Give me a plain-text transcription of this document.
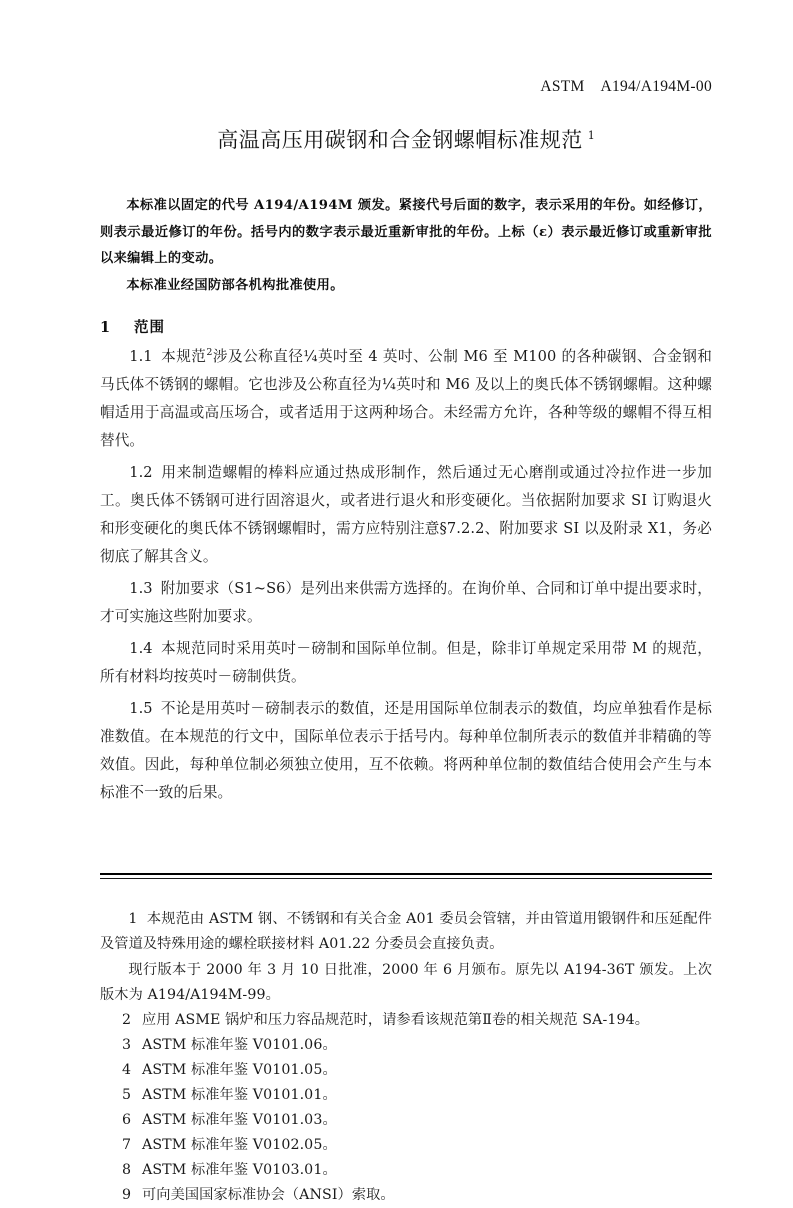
ASTM    A194/A194M-00
高温高压用碳钢和合金钢螺帽标准规范 $^1$

本标准以固定的代号 A194/A194M 颁发。紧接代号后面的数字，表示采用的年份。如经修订，则表示最近修订的年份。括号内的数字表示最近重新审批的年份。上标（ε）表示最近修订或重新审批以来编辑上的变动。

本标准业经国防部各机构批准使用。

1	范围

1.1 本规范$^2$涉及公称直径¼英吋至 4 英吋、公制 M6 至 M100 的各种碳钢、合金钢和马氏体不锈钢的螺帽。它也涉及公称直径为¼英吋和 M6 及以上的奥氏体不锈钢螺帽。这种螺帽适用于高温或高压场合，或者适用于这两种场合。未经需方允许，各种等级的螺帽不得互相替代。

1.2 用来制造螺帽的棒料应通过热成形制作，然后通过无心磨削或通过冷拉作进一步加工。奥氏体不锈钢可进行固溶退火，或者进行退火和形变硬化。当依据附加要求 SI 订购退火和形变硬化的奥氏体不锈钢螺帽时，需方应特别注意§7.2.2、附加要求 SI 以及附录 X1，务必彻底了解其含义。

1.3 附加要求（S1~S6）是列出来供需方选择的。在询价单、合同和订单中提出要求时，才可实施这些附加要求。

1.4 本规范同时采用英吋－磅制和国际单位制。但是，除非订单规定采用带 M 的规范，所有材料均按英吋－磅制供货。

1.5 不论是用英吋－磅制表示的数值，还是用国际单位制表示的数值，均应单独看作是标准数值。在本规范的行文中，国际单位表示于括号内。每种单位制所表示的数值并非精确的等效值。因此，每种单位制必须独立使用，互不依赖。将两种单位制的数值结合使用会产生与本标准不一致的后果。

1 本规范由 ASTM 钢、不锈钢和有关合金 A01 委员会管辖，并由管道用锻钢件和压延配件及管道及特殊用途的螺栓联接材料 A01.22 分委员会直接负责。

现行版本于 2000 年 3 月 10 日批准，2000 年 6 月颁布。原先以 A194-36T 颁发。上次版木为 A194/A194M-99。

2 应用 ASME 锅炉和压力容品规范时，请参看该规范第Ⅱ卷的相关规范 SA-194。

3 ASTM 标准年鉴 V0101.06。

4 ASTM 标准年鉴 V0101.05。

5 ASTM 标准年鉴 V0101.01。

6 ASTM 标准年鉴 V0101.03。

7 ASTM 标准年鉴 V0102.05。

8 ASTM 标准年鉴 V0103.01。

9 可向美国国家标准协会（ANSI）索取。
